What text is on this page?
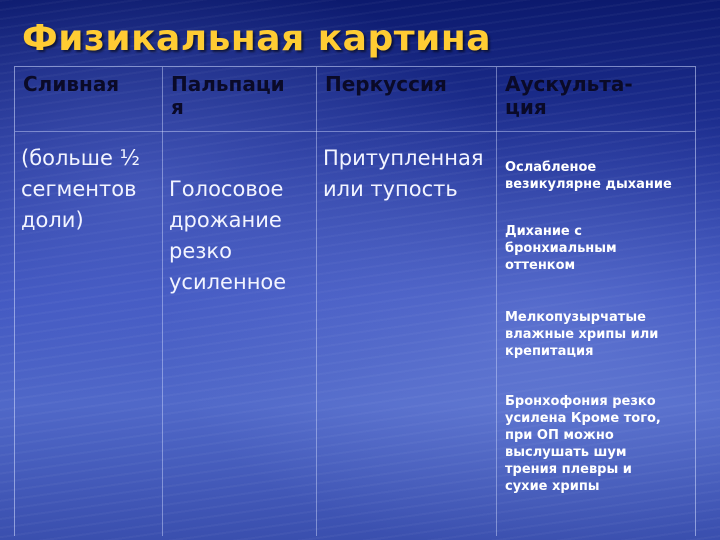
Физикальная картина
Сливная
(больше ½
сегментов
доли)
Пальпаци
я
Голосовое
дрожание
резко
усиленное
Перкуссия
Притупленная
или тупость
Аускульта-
ция
Ослабленое
везикулярне дыхание
Дихание с
бронхиальным
оттенком
Мелкопузырчатые
влажные хрипы или
крепитация
Бронхофония резко
усилена Кроме того,
при ОП можно
выслушать шум
трения плевры и
сухие хрипы
